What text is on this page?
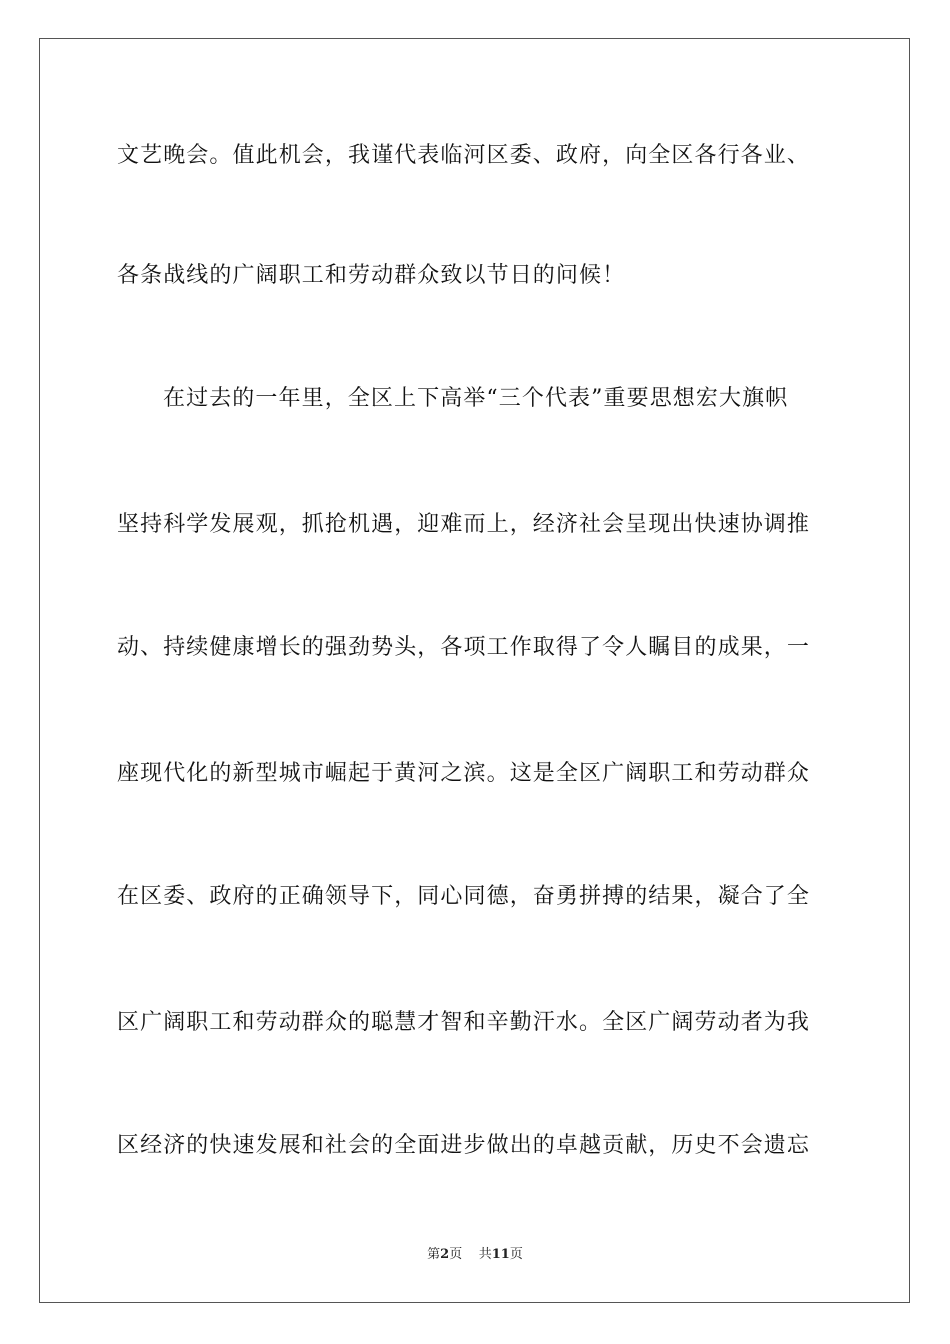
文艺晚会。值此机会，我谨代表临河区委、政府，向全区各行各业、
各条战线的广阔职工和劳动群众致以节日的问候！
在过去的一年里，全区上下高举“三个代表”重要思想宏大旗帜
坚持科学发展观，抓抢机遇，迎难而上，经济社会呈现出快速协调推
动、持续健康增长的强劲势头，各项工作取得了令人瞩目的成果，一
座现代化的新型城市崛起于黄河之滨。这是全区广阔职工和劳动群众
在区委、政府的正确领导下，同心同德，奋勇拼搏的结果，凝合了全
区广阔职工和劳动群众的聪慧才智和辛勤汗水。全区广阔劳动者为我
区经济的快速发展和社会的全面进步做出的卓越贡献，历史不会遗忘
第2页 共11页
